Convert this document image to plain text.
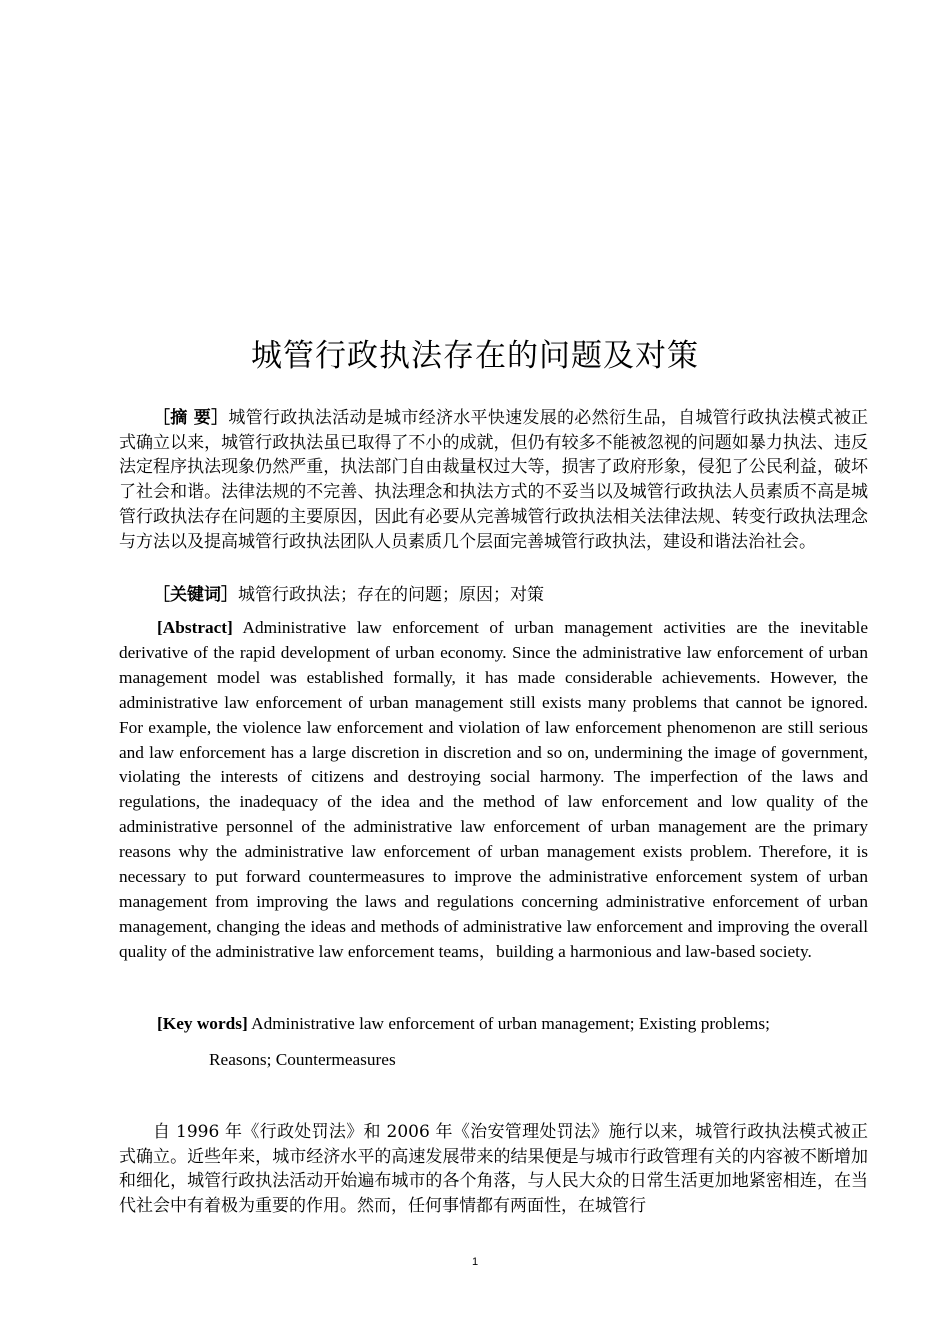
城管行政执法存在的问题及对策
［摘 要］城管行政执法活动是城市经济水平快速发展的必然衍生品，自城管行政执法模式被正式确立以来，城管行政执法虽已取得了不小的成就，但仍有较多不能被忽视的问题如暴力执法、违反法定程序执法现象仍然严重，执法部门自由裁量权过大等，损害了政府形象，侵犯了公民利益，破坏了社会和谐。法律法规的不完善、执法理念和执法方式的不妥当以及城管行政执法人员素质不高是城管行政执法存在问题的主要原因，因此有必要从完善城管行政执法相关法律法规、转变行政执法理念与方法以及提高城管行政执法团队人员素质几个层面完善城管行政执法，建设和谐法治社会。
［关键词］城管行政执法；存在的问题；原因；对策
[Abstract] Administrative law enforcement of urban management activities are the inevitable derivative of the rapid development of urban economy. Since the administrative law enforcement of urban management model was established formally, it has made considerable achievements. However, the administrative law enforcement of urban management still exists many problems that cannot be ignored. For example, the violence law enforcement and violation of law enforcement phenomenon are still serious and law enforcement has a large discretion in discretion and so on, undermining the image of government, violating the interests of citizens and destroying social harmony. The imperfection of the laws and regulations, the inadequacy of the idea and the method of law enforcement and low quality of the administrative personnel of the administrative law enforcement of urban management are the primary reasons why the administrative law enforcement of urban management exists problem. Therefore, it is necessary to put forward countermeasures to improve the administrative enforcement system of urban management from improving the laws and regulations concerning administrative enforcement of urban management, changing the ideas and methods of administrative law enforcement and improving the overall quality of the administrative law enforcement teams，building a harmonious and law-based society.
[Key words] Administrative law enforcement of urban management; Existing problems;
Reasons; Countermeasures
自 1996 年《行政处罚法》和 2006 年《治安管理处罚法》施行以来，城管行政执法模式被正式确立。近些年来，城市经济水平的高速发展带来的结果便是与城市行政管理有关的内容被不断增加和细化，城管行政执法活动开始遍布城市的各个角落，与人民大众的日常生活更加地紧密相连，在当代社会中有着极为重要的作用。然而，任何事情都有两面性，在城管行
1
